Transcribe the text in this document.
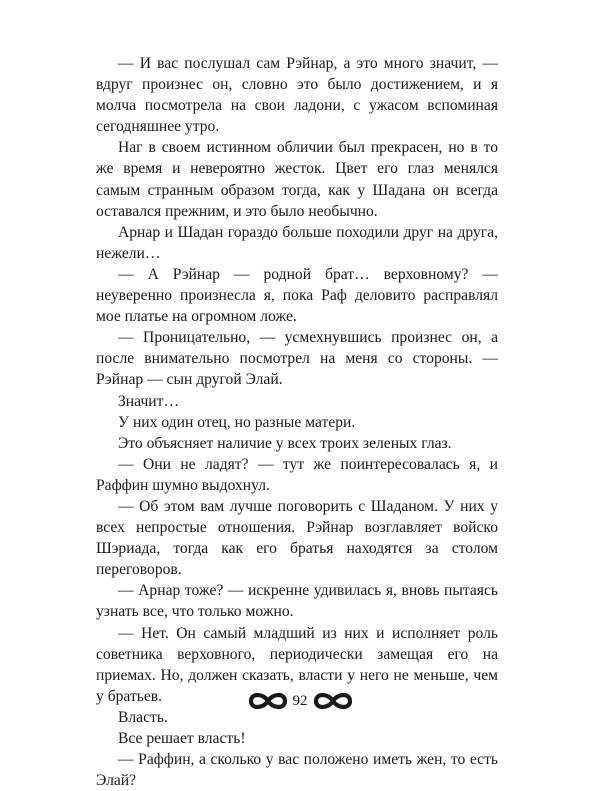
— И вас послушал сам Рэйнар, а это много значит, — вдруг произнес он, словно это было достижением, и я молча посмотрела на свои ладони, с ужасом вспоминая сегодняшнее утро.

Наг в своем истинном обличии был прекрасен, но в то же время и невероятно жесток. Цвет его глаз менялся самым странным образом тогда, как у Шадана он всегда оставался прежним, и это было необычно.

Арнар и Шадан гораздо больше походили друг на друга, нежели…

— А Рэйнар — родной брат… верховному? — неуверенно произнесла я, пока Раф деловито расправлял мое платье на огромном ложе.

— Проницательно, — усмехнувшись произнес он, а после внимательно посмотрел на меня со стороны. — Рэйнар — сын другой Элай.

Значит…

У них один отец, но разные матери.

Это объясняет наличие у всех троих зеленых глаз.

— Они не ладят? — тут же поинтересовалась я, и Раффин шумно выдохнул.

— Об этом вам лучше поговорить с Шаданом. У них у всех непростые отношения. Рэйнар возглавляет войско Шэриада, тогда как его братья находятся за столом переговоров.

— Арнар тоже? — искренне удивилась я, вновь пытаясь узнать все, что только можно.

— Нет. Он самый младший из них и исполняет роль советника верховного, периодически замещая его на приемах. Но, должен сказать, власти у него не меньше, чем у братьев.

Власть.

Все решает власть!

— Раффин, а сколько у вас положено иметь жен, то есть Элай?

92
